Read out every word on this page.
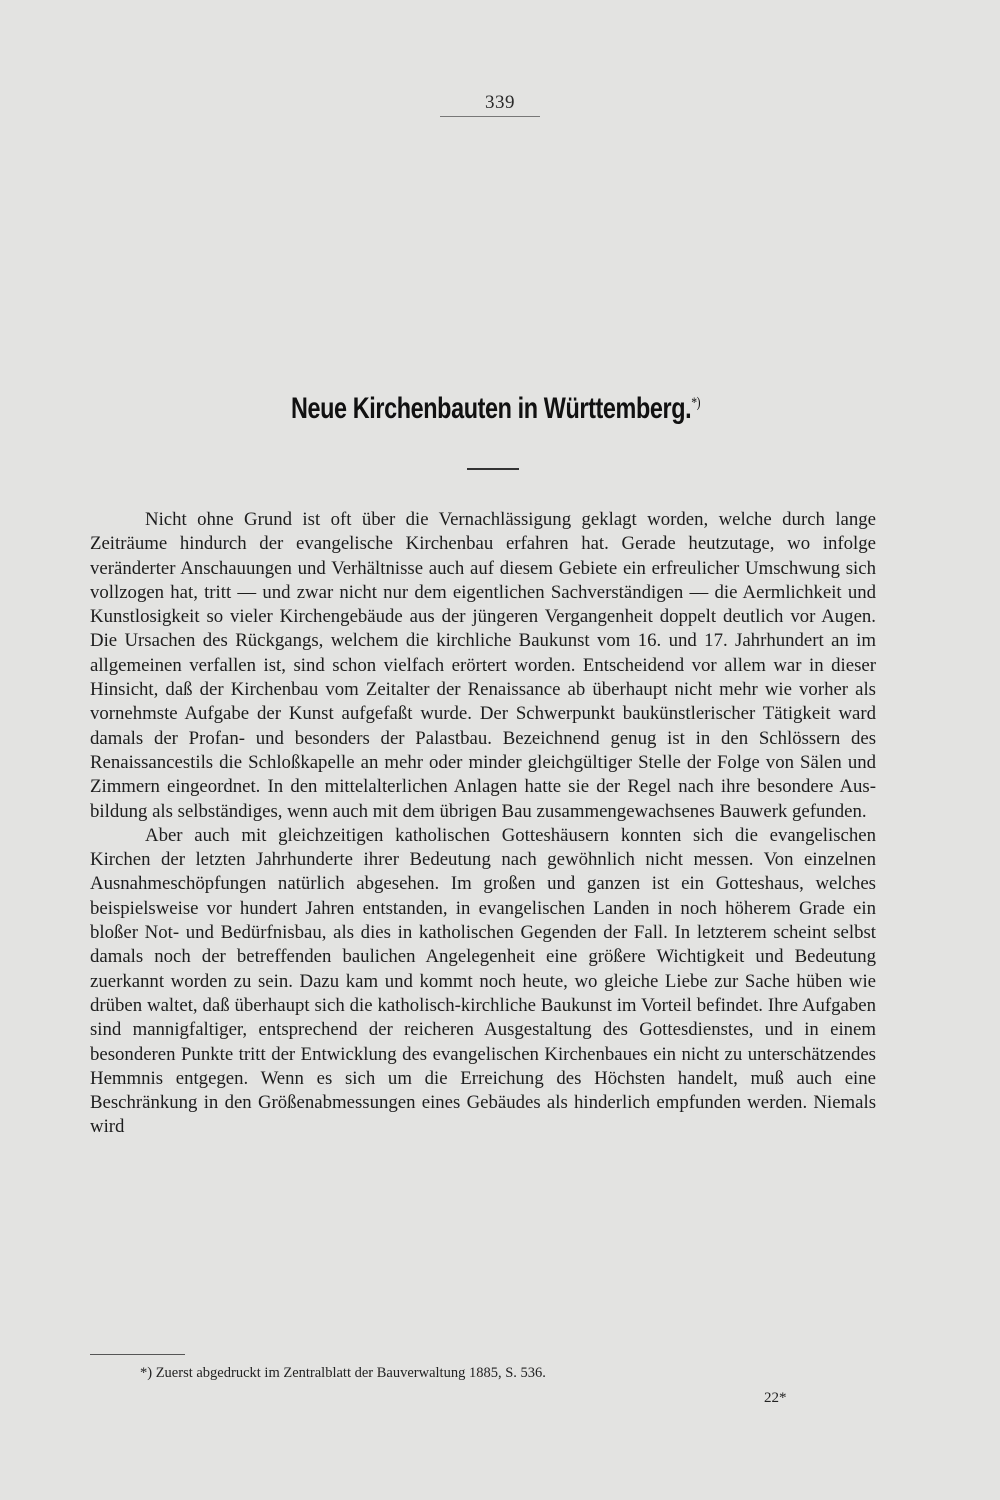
339
Neue Kirchenbauten in Württemberg.*)

Nicht ohne Grund ist oft über die Vernachlässigung geklagt worden, welche durch lange Zeiträume hindurch der evangelische Kirchenbau erfahren hat. Gerade heutzutage, wo infolge veränderter Anschauungen und Verhältnisse auch auf diesem Gebiete ein erfreulicher Umschwung sich vollzogen hat, tritt — und zwar nicht nur dem eigentlichen Sachverständigen — die Aermlichkeit und Kunstlosigkeit so vieler Kirchengebäude aus der jüngeren Vergangenheit doppelt deutlich vor Augen. Die Ursachen des Rückgangs, welchem die kirchliche Baukunst vom 16. und 17. Jahrhundert an im allgemeinen verfallen ist, sind schon vielfach erörtert worden. Entscheidend vor allem war in dieser Hinsicht, daß der Kirchenbau vom Zeitalter der Renaissance ab überhaupt nicht mehr wie vorher als vornehmste Aufgabe der Kunst aufgefaßt wurde. Der Schwerpunkt baukünstlerischer Tätigkeit ward damals der Profan- und besonders der Palastbau. Bezeichnend genug ist in den Schlössern des Renaissancestils die Schloßkapelle an mehr oder minder gleichgültiger Stelle der Folge von Sälen und Zimmern eingeordnet. In den mittelalterlichen Anlagen hatte sie der Regel nach ihre besondere Ausbildung als selbständiges, wenn auch mit dem übrigen Bau zusammengewachsenes Bauwerk gefunden.

Aber auch mit gleichzeitigen katholischen Gotteshäusern konnten sich die evangelischen Kirchen der letzten Jahrhunderte ihrer Bedeutung nach gewöhnlich nicht messen. Von einzelnen Ausnahmeschöpfungen natürlich abgesehen. Im großen und ganzen ist ein Gotteshaus, welches beispielsweise vor hundert Jahren entstanden, in evangelischen Landen in noch höherem Grade ein bloßer Not- und Bedürfnisbau, als dies in katholischen Gegenden der Fall. In letzterem scheint selbst damals noch der betreffenden baulichen Angelegenheit eine größere Wichtigkeit und Bedeutung zuerkannt worden zu sein. Dazu kam und kommt noch heute, wo gleiche Liebe zur Sache hüben wie drüben waltet, daß überhaupt sich die katholisch-kirchliche Baukunst im Vorteil befindet. Ihre Aufgaben sind mannigfaltiger, entsprechend der reicheren Ausgestaltung des Gottesdienstes, und in einem besonderen Punkte tritt der Entwicklung des evangelischen Kirchenbaues ein nicht zu unterschätzendes Hemmnis entgegen. Wenn es sich um die Erreichung des Höchsten handelt, muß auch eine Beschränkung in den Größenabmessungen eines Gebäudes als hinderlich empfunden werden. Niemals wird

*) Zuerst abgedruckt im Zentralblatt der Bauverwaltung 1885, S. 536.
22*
